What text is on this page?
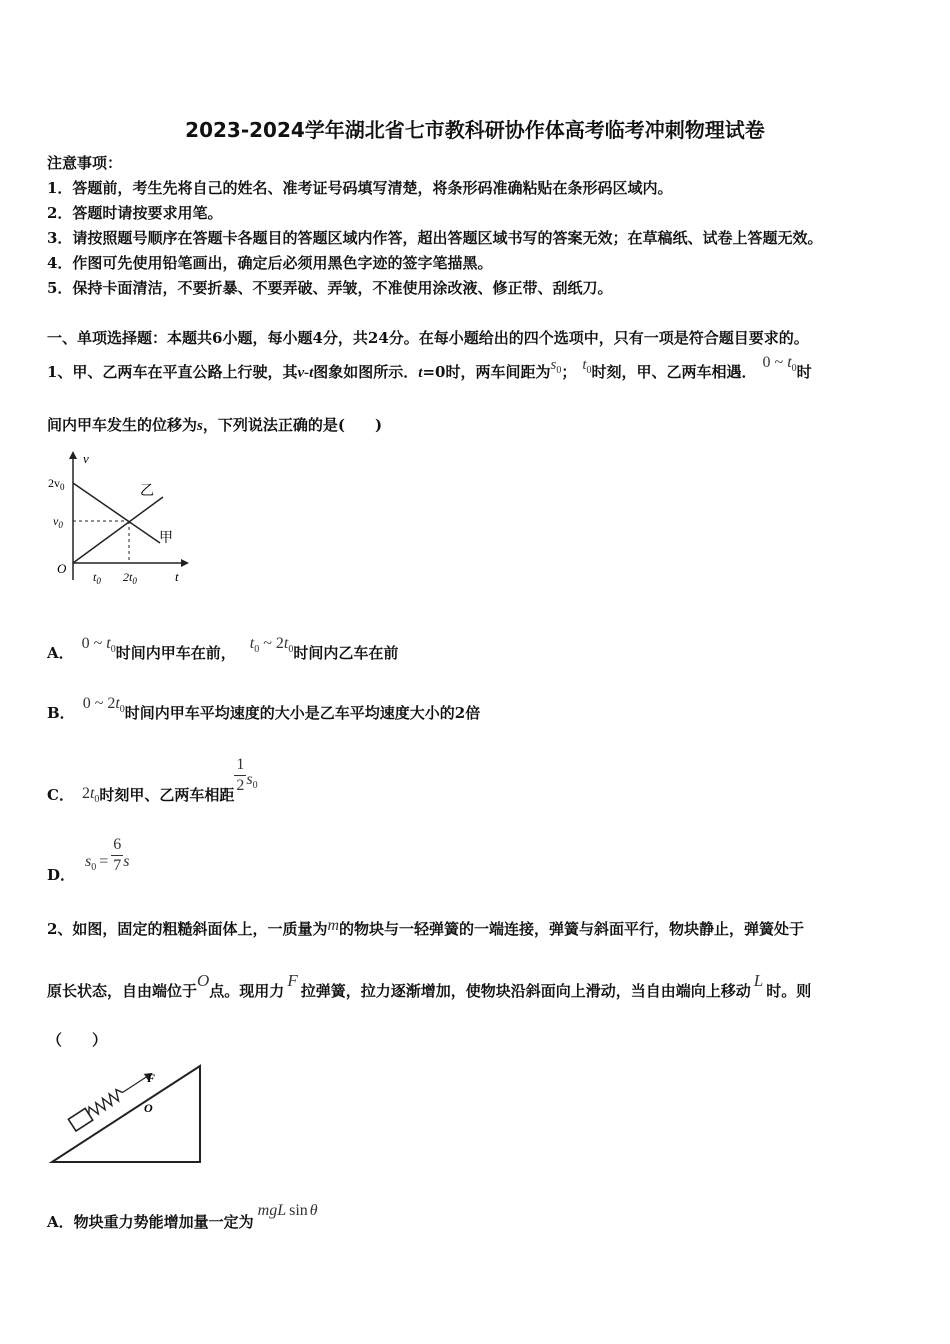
2023-2024学年湖北省七市教科研协作体高考临考冲刺物理试卷
注意事项：
1．答题前，考生先将自己的姓名、准考证号码填写清楚，将条形码准确粘贴在条形码区域内。
2．答题时请按要求用笔。
3．请按照题号顺序在答题卡各题目的答题区域内作答，超出答题区域书写的答案无效；在草稿纸、试卷上答题无效。
4．作图可先使用铅笔画出，确定后必须用黑色字迹的签字笔描黑。
5．保持卡面清洁，不要折暴、不要弄破、弄皱，不准使用涂改液、修正带、刮纸刀。
一、单项选择题：本题共6小题，每小题4分，共24分。在每小题给出的四个选项中，只有一项是符合题目要求的。
1、甲、乙两车在平直公路上行驶，其v-t图象如图所示．t=0时，两车间距为$s_0$； $t_0$时刻，甲、乙两车相遇．0 ~ $t_0$时
间内甲车发生的位移为s，下列说法正确的是(　　)
v
t
O
$2v_0$
$v_0$
$t_0$ $2t_0$
乙
甲
A．0 ~ $t_0$时间内甲车在前，$t_0$ ~ $2t_0$时间内乙车在前
B．0 ~ $2t_0$时间内甲车平均速度的大小是乙车平均速度大小的2倍
C． $2t_0$时刻甲、乙两车相距 $\frac{1}{2} s_0$
D．$s_0 = \frac{6}{7}$ s
2、如图，固定的粗糙斜面体上，一质量为m的物块与一轻弹簧的一端连接，弹簧与斜面平行，物块静止，弹簧处于
原长状态，自由端位于O点。现用力F拉弹簧，拉力逐渐增加，使物块沿斜面向上滑动，当自由端向上移动L时。则
（　　）
F
O
A．物块重力势能增加量一定为mgL sin θ
